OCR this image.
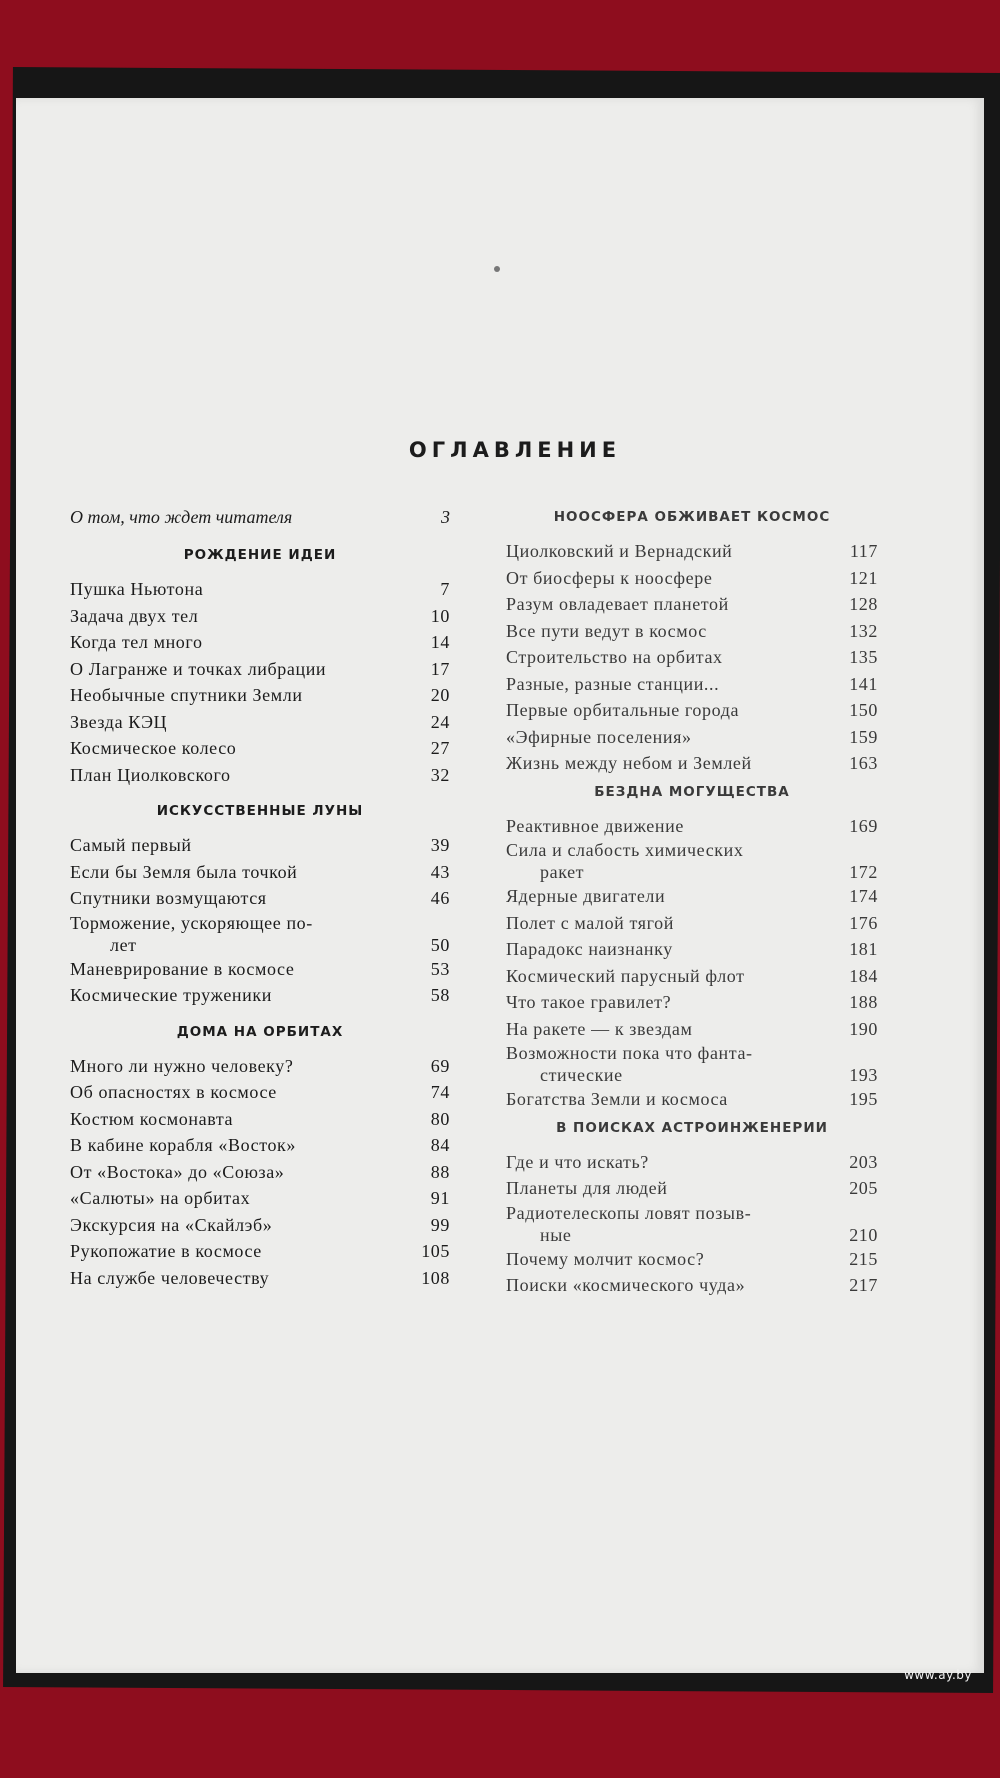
ОГЛАВЛЕНИЕ
О том, что ждет читателя	3
РОЖДЕНИЕ ИДЕИ
Пушка Ньютона	7
Задача двух тел	10
Когда тел много	14
О Лагранже и точках либрации	17
Необычные спутники Земли	20
Звезда КЭЦ	24
Космическое колесо	27
План Циолковского	32
ИСКУССТВЕННЫЕ ЛУНЫ
Самый первый	39
Если бы Земля была точкой	43
Спутники возмущаются	46
Торможение, ускоряющее по-
лет	50
Маневрирование в космосе	53
Космические труженики	58
ДОМА НА ОРБИТАХ
Много ли нужно человеку?	69
Об опасностях в космосе	74
Костюм космонавта	80
В кабине корабля «Восток»	84
От «Востока» до «Союза»	88
«Салюты» на орбитах	91
Экскурсия на «Скайлэб»	99
Рукопожатие в космосе	105
На службе человечеству	108
НООСФЕРА ОБЖИВАЕТ КОСМОС
Циолковский и Вернадский	117
От биосферы к ноосфере	121
Разум овладевает планетой	128
Все пути ведут в космос	132
Строительство на орбитах	135
Разные, разные станции...	141
Первые орбитальные города	150
«Эфирные поселения»	159
Жизнь между небом и Землей	163
БЕЗДНА МОГУЩЕСТВА
Реактивное движение	169
Сила и слабость химических
ракет	172
Ядерные двигатели	174
Полет с малой тягой	176
Парадокс наизнанку	181
Космический парусный флот	184
Что такое гравилет?	188
На ракете — к звездам	190
Возможности пока что фанта-
стические	193
Богатства Земли и космоса	195
В ПОИСКАХ АСТРОИНЖЕНЕРИИ
Где и что искать?	203
Планеты для людей	205
Радиотелескопы ловят позыв-
ные	210
Почему молчит космос?	215
Поиски «космического чуда»	217
www.ay.by
